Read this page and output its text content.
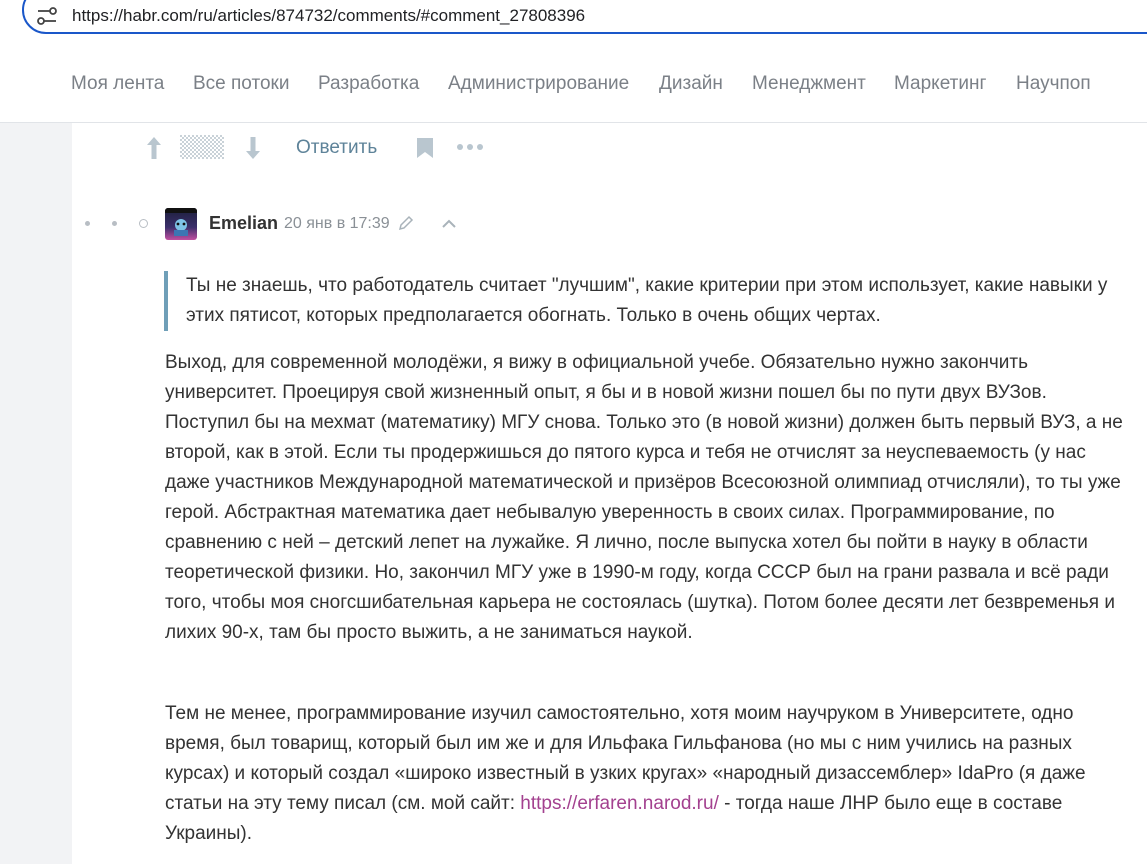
https://habr.com/ru/articles/874732/comments/#comment_27808396
Моя лента Все потоки Разработка Администрирование Дизайн Менеджмент Маркетинг Научпоп
Ответить
Emelian 20 янв в 17:39
Ты не знаешь, что работодатель считает "лучшим", какие критерии при этом использует, какие навыки у этих пятисот, которых предполагается обогнать. Только в очень общих чертах.
Выход, для современной молодёжи, я вижу в официальной учебе. Обязательно нужно закончить университет. Проецируя свой жизненный опыт, я бы и в новой жизни пошел бы по пути двух ВУЗов. Поступил бы на мехмат (математику) МГУ снова. Только это (в новой жизни) должен быть первый ВУЗ, а не второй, как в этой. Если ты продержишься до пятого курса и тебя не отчислят за неуспеваемость (у нас даже участников Международной математической и призёров Всесоюзной олимпиад отчисляли), то ты уже герой. Абстрактная математика дает небывалую уверенность в своих силах. Программирование, по сравнению с ней – детский лепет на лужайке. Я лично, после выпуска хотел бы пойти в науку в области теоретической физики. Но, закончил МГУ уже в 1990-м году, когда СССР был на грани развала и всё ради того, чтобы моя сногсшибательная карьера не состоялась (шутка). Потом более десяти лет безвременья и лихих 90-х, там бы просто выжить, а не заниматься наукой.
Тем не менее, программирование изучил самостоятельно, хотя моим научруком в Университете, одно время, был товарищ, который был им же и для Ильфака Гильфанова (но мы с ним учились на разных курсах) и который создал «широко известный в узких кругах» «народный дизассемблер» IdaPro (я даже статьи на эту тему писал (см. мой сайт: https://erfaren.narod.ru/ - тогда наше ЛНР было еще в составе Украины).
